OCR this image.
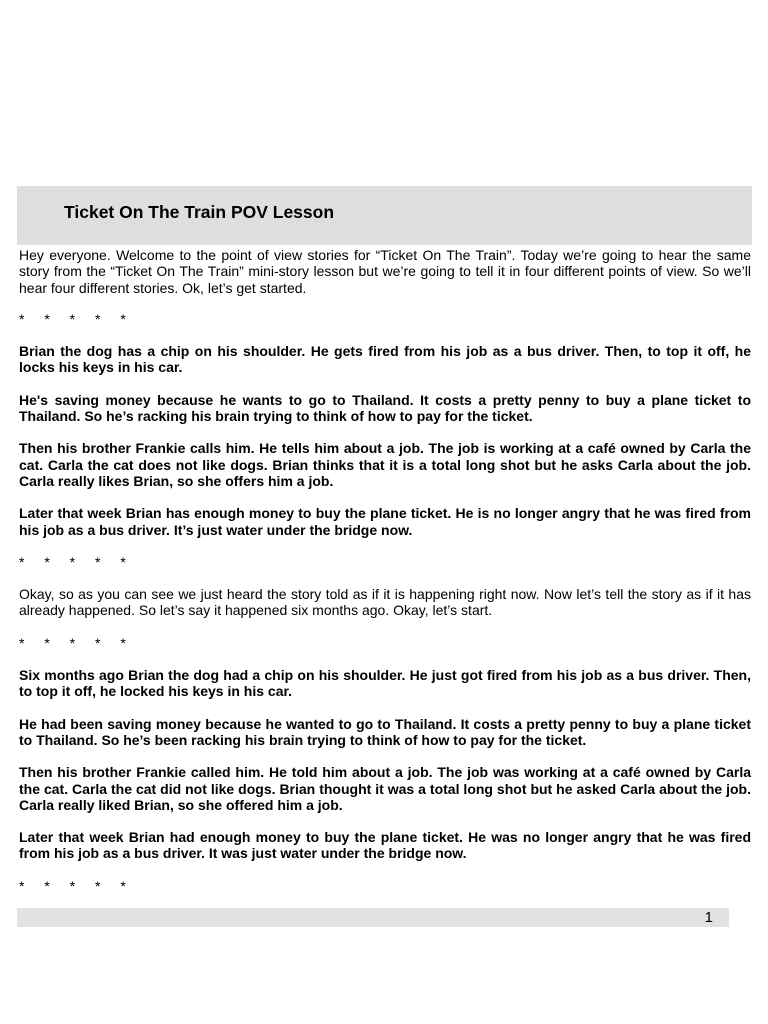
Ticket On The Train POV Lesson

Hey everyone. Welcome to the point of view stories for “Ticket On The Train”. Today we’re going to hear the same story from the “Ticket On The Train” mini-story lesson but we’re going to tell it in four different points of view. So we’ll hear four different stories. Ok, let’s get started.

* * * * *

Brian the dog has a chip on his shoulder. He gets fired from his job as a bus driver. Then, to top it off, he locks his keys in his car.

He's saving money because he wants to go to Thailand. It costs a pretty penny to buy a plane ticket to Thailand. So he’s racking his brain trying to think of how to pay for the ticket.

Then his brother Frankie calls him. He tells him about a job. The job is working at a café owned by Carla the cat. Carla the cat does not like dogs. Brian thinks that it is a total long shot but he asks Carla about the job. Carla really likes Brian, so she offers him a job.

Later that week Brian has enough money to buy the plane ticket. He is no longer angry that he was fired from his job as a bus driver. It’s just water under the bridge now.

* * * * *

Okay, so as you can see we just heard the story told as if it is happening right now. Now let’s tell the story as if it has already happened. So let’s say it happened six months ago. Okay, let’s start.

* * * * *

Six months ago Brian the dog had a chip on his shoulder. He just got fired from his job as a bus driver. Then, to top it off, he locked his keys in his car.

He had been saving money because he wanted to go to Thailand. It costs a pretty penny to buy a plane ticket to Thailand. So he’s been racking his brain trying to think of how to pay for the ticket.

Then his brother Frankie called him. He told him about a job. The job was working at a café owned by Carla the cat. Carla the cat did not like dogs. Brian thought it was a total long shot but he asked Carla about the job. Carla really liked Brian, so she offered him a job.

Later that week Brian had enough money to buy the plane ticket. He was no longer angry that he was fired from his job as a bus driver. It was just water under the bridge now.

* * * * *

1
